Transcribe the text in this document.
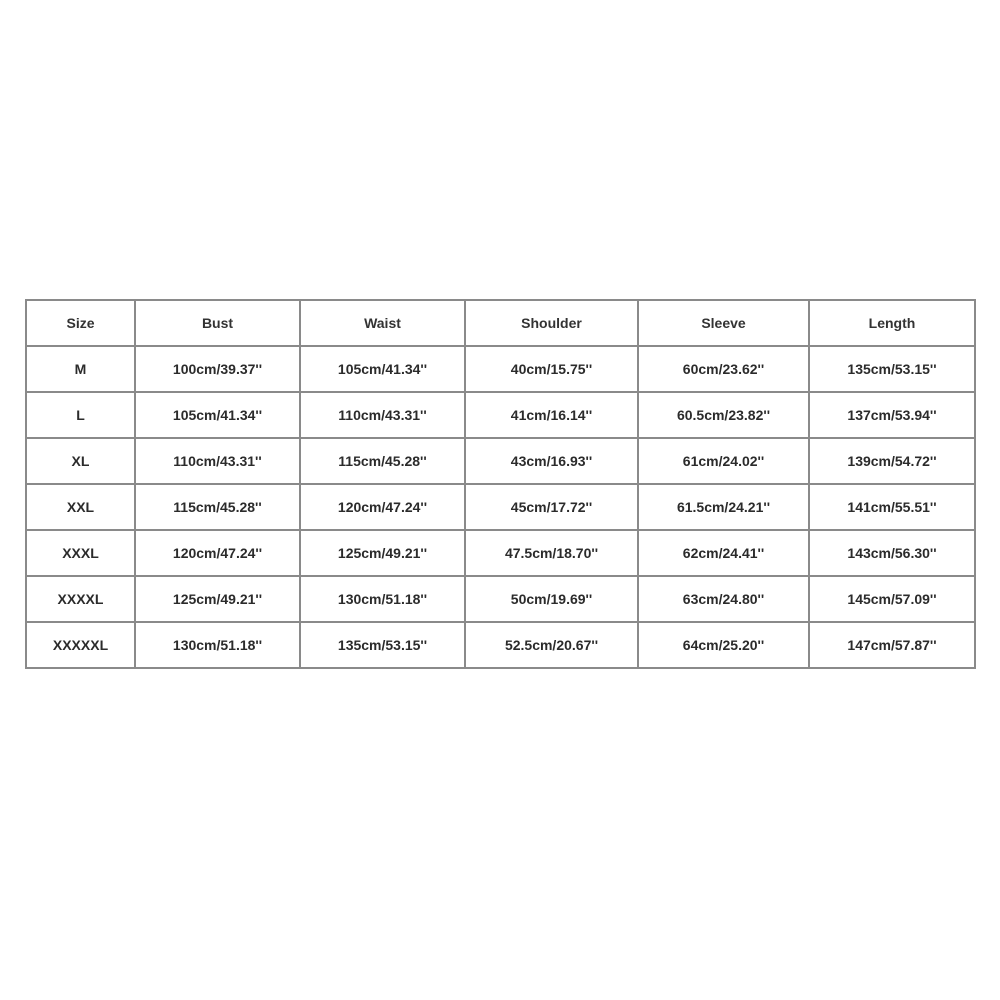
Size	Bust	Waist	Shoulder	Sleeve	Length
M	100cm/39.37''	105cm/41.34''	40cm/15.75''	60cm/23.62''	135cm/53.15''
L	105cm/41.34''	110cm/43.31''	41cm/16.14''	60.5cm/23.82''	137cm/53.94''
XL	110cm/43.31''	115cm/45.28''	43cm/16.93''	61cm/24.02''	139cm/54.72''
XXL	115cm/45.28''	120cm/47.24''	45cm/17.72''	61.5cm/24.21''	141cm/55.51''
XXXL	120cm/47.24''	125cm/49.21''	47.5cm/18.70''	62cm/24.41''	143cm/56.30''
XXXXL	125cm/49.21''	130cm/51.18''	50cm/19.69''	63cm/24.80''	145cm/57.09''
XXXXXL	130cm/51.18''	135cm/53.15''	52.5cm/20.67''	64cm/25.20''	147cm/57.87''
